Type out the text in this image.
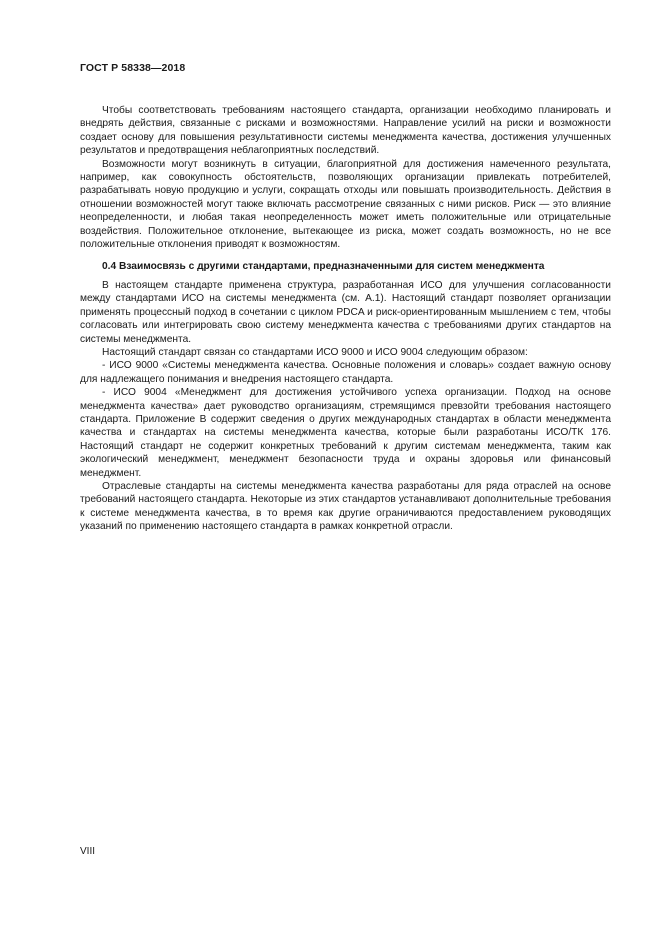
ГОСТ Р 58338—2018

Чтобы соответствовать требованиям настоящего стандарта, организации необходимо планировать и внедрять действия, связанные с рисками и возможностями. Направление усилий на риски и возможности создает основу для повышения результативности системы менеджмента качества, достижения улучшенных результатов и предотвращения неблагоприятных последствий.

Возможности могут возникнуть в ситуации, благоприятной для достижения намеченного результата, например, как совокупность обстоятельств, позволяющих организации привлекать потребителей, разрабатывать новую продукцию и услуги, сокращать отходы или повышать производительность. Действия в отношении возможностей могут также включать рассмотрение связанных с ними рисков. Риск — это влияние неопределенности, и любая такая неопределенность может иметь положительные или отрицательные воздействия. Положительное отклонение, вытекающее из риска, может создать возможность, но не все положительные отклонения приводят к возможностям.

0.4 Взаимосвязь с другими стандартами, предназначенными для систем менеджмента

В настоящем стандарте применена структура, разработанная ИСО для улучшения согласованности между стандартами ИСО на системы менеджмента (см. А.1). Настоящий стандарт позволяет организации применять процессный подход в сочетании с циклом PDCA и риск-ориентированным мышлением с тем, чтобы согласовать или интегрировать свою систему менеджмента качества с требованиями других стандартов на системы менеджмента.

Настоящий стандарт связан со стандартами ИСО 9000 и ИСО 9004 следующим образом:

- ИСО 9000 «Системы менеджмента качества. Основные положения и словарь» создает важную основу для надлежащего понимания и внедрения настоящего стандарта.

- ИСО 9004 «Менеджмент для достижения устойчивого успеха организации. Подход на основе менеджмента качества» дает руководство организациям, стремящимся превзойти требования настоящего стандарта. Приложение В содержит сведения о других международных стандартах в области менеджмента качества и стандартах на системы менеджмента качества, которые были разработаны ИСО/ТК 176. Настоящий стандарт не содержит конкретных требований к другим системам менеджмента, таким как экологический менеджмент, менеджмент безопасности труда и охраны здоровья или финансовый менеджмент.

Отраслевые стандарты на системы менеджмента качества разработаны для ряда отраслей на основе требований настоящего стандарта. Некоторые из этих стандартов устанавливают дополнительные требования к системе менеджмента качества, в то время как другие ограничиваются предоставлением руководящих указаний по применению настоящего стандарта в рамках конкретной отрасли.

VIII
